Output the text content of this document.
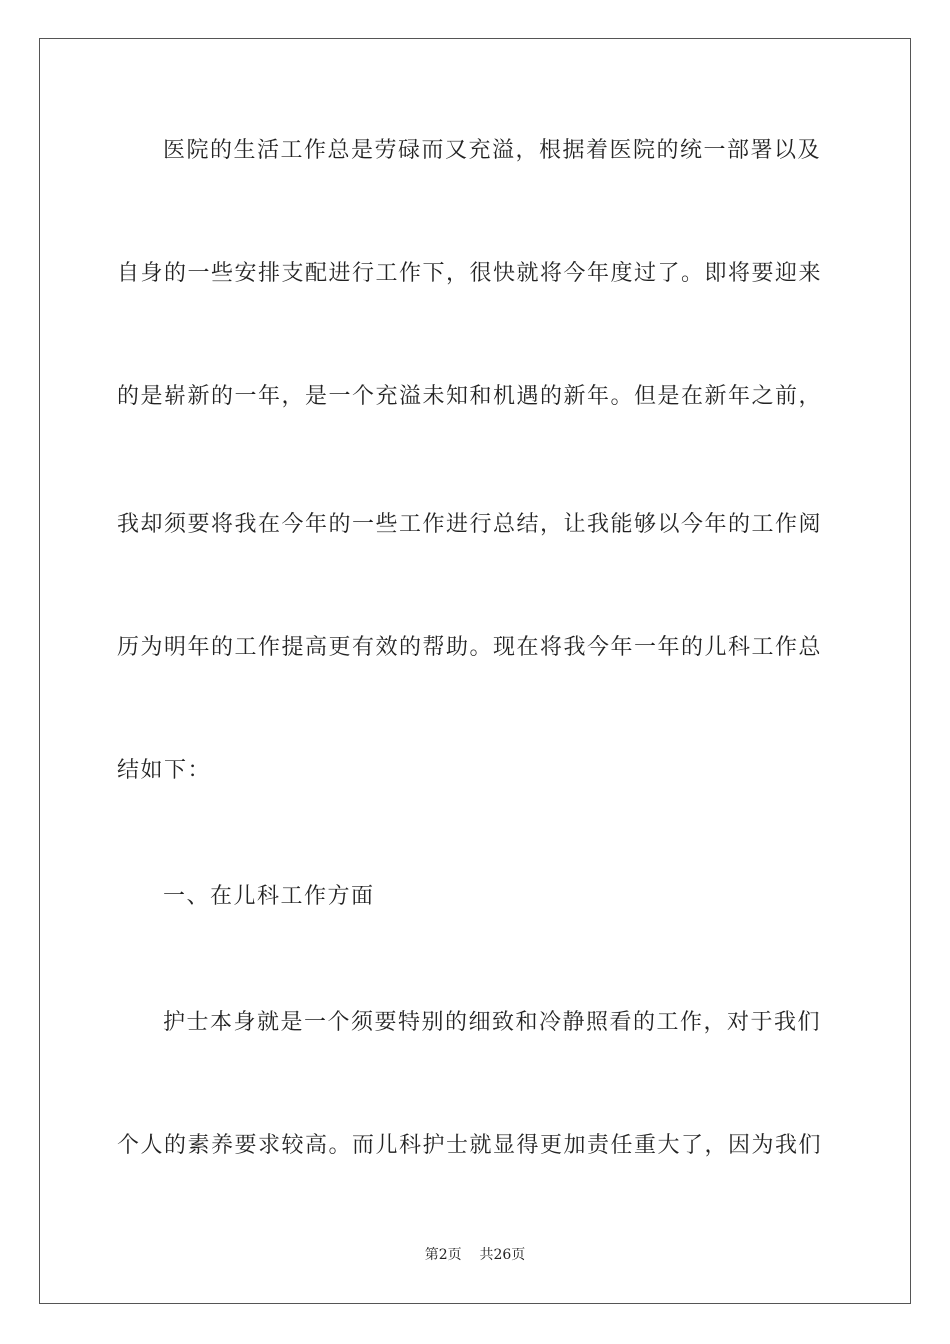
医院的生活工作总是劳碌而又充溢，根据着医院的统一部署以及
自身的一些安排支配进行工作下，很快就将今年度过了。即将要迎来
的是崭新的一年，是一个充溢未知和机遇的新年。但是在新年之前，
我却须要将我在今年的一些工作进行总结，让我能够以今年的工作阅
历为明年的工作提高更有效的帮助。现在将我今年一年的儿科工作总
结如下：
一、在儿科工作方面
护士本身就是一个须要特别的细致和冷静照看的工作，对于我们
个人的素养要求较高。而儿科护士就显得更加责任重大了，因为我们
第2页 共26页
